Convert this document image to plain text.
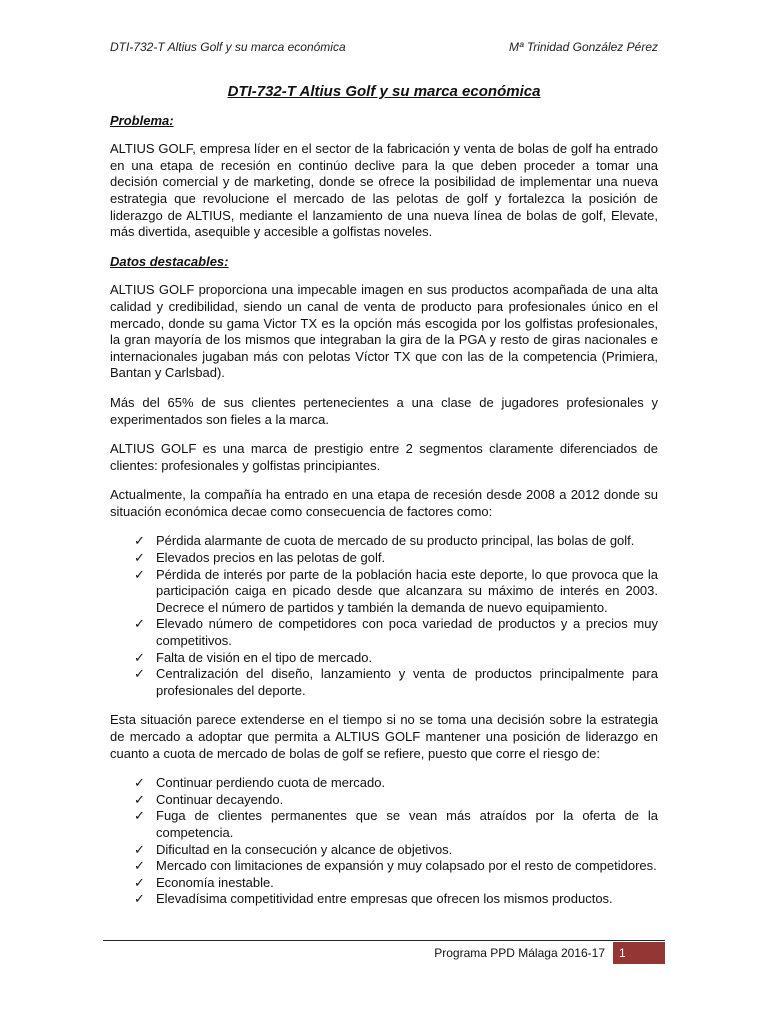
DTI-732-T Altius Golf y su marca económica	Mª Trinidad González Pérez
DTI-732-T Altius Golf y su marca económica
Problema:

ALTIUS GOLF, empresa líder en el sector de la fabricación y venta de bolas de golf ha entrado en una etapa de recesión en continúo declive para la que deben proceder a tomar una decisión comercial y de marketing, donde se ofrece la posibilidad de implementar una nueva estrategia que revolucione el mercado de las pelotas de golf y fortalezca la posición de liderazgo de ALTIUS, mediante el lanzamiento de una nueva línea de bolas de golf, Elevate, más divertida, asequible y accesible a golfistas noveles.

Datos destacables:

ALTIUS GOLF proporciona una impecable imagen en sus productos acompañada de una alta calidad y credibilidad, siendo un canal de venta de producto para profesionales único en el mercado, donde su gama Victor TX es la opción más escogida por los golfistas profesionales, la gran mayoría de los mismos que integraban la gira de la PGA y resto de giras nacionales e internacionales jugaban más con pelotas Víctor TX que con las de la competencia (Primiera, Bantan y Carlsbad).

Más del 65% de sus clientes pertenecientes a una clase de jugadores profesionales y experimentados son fieles a la marca.

ALTIUS GOLF es una marca de prestigio entre 2 segmentos claramente diferenciados de clientes: profesionales y golfistas principiantes.

Actualmente, la compañía ha entrado en una etapa de recesión desde 2008 a 2012 donde su situación económica decae como consecuencia de factores como:

✓ Pérdida alarmante de cuota de mercado de su producto principal, las bolas de golf.
✓ Elevados precios en las pelotas de golf.
✓ Pérdida de interés por parte de la población hacia este deporte, lo que provoca que la participación caiga en picado desde que alcanzara su máximo de interés en 2003. Decrece el número de partidos y también la demanda de nuevo equipamiento.
✓ Elevado número de competidores con poca variedad de productos y a precios muy competitivos.
✓ Falta de visión en el tipo de mercado.
✓ Centralización del diseño, lanzamiento y venta de productos principalmente para profesionales del deporte.

Esta situación parece extenderse en el tiempo si no se toma una decisión sobre la estrategia de mercado a adoptar que permita a ALTIUS GOLF mantener una posición de liderazgo en cuanto a cuota de mercado de bolas de golf se refiere, puesto que corre el riesgo de:

✓ Continuar perdiendo cuota de mercado.
✓ Continuar decayendo.
✓ Fuga de clientes permanentes que se vean más atraídos por la oferta de la competencia.
✓ Dificultad en la consecución y alcance de objetivos.
✓ Mercado con limitaciones de expansión y muy colapsado por el resto de competidores.
✓ Economía inestable.
✓ Elevadísima competitividad entre empresas que ofrecen los mismos productos.
Programa PPD Málaga 2016-17	1
